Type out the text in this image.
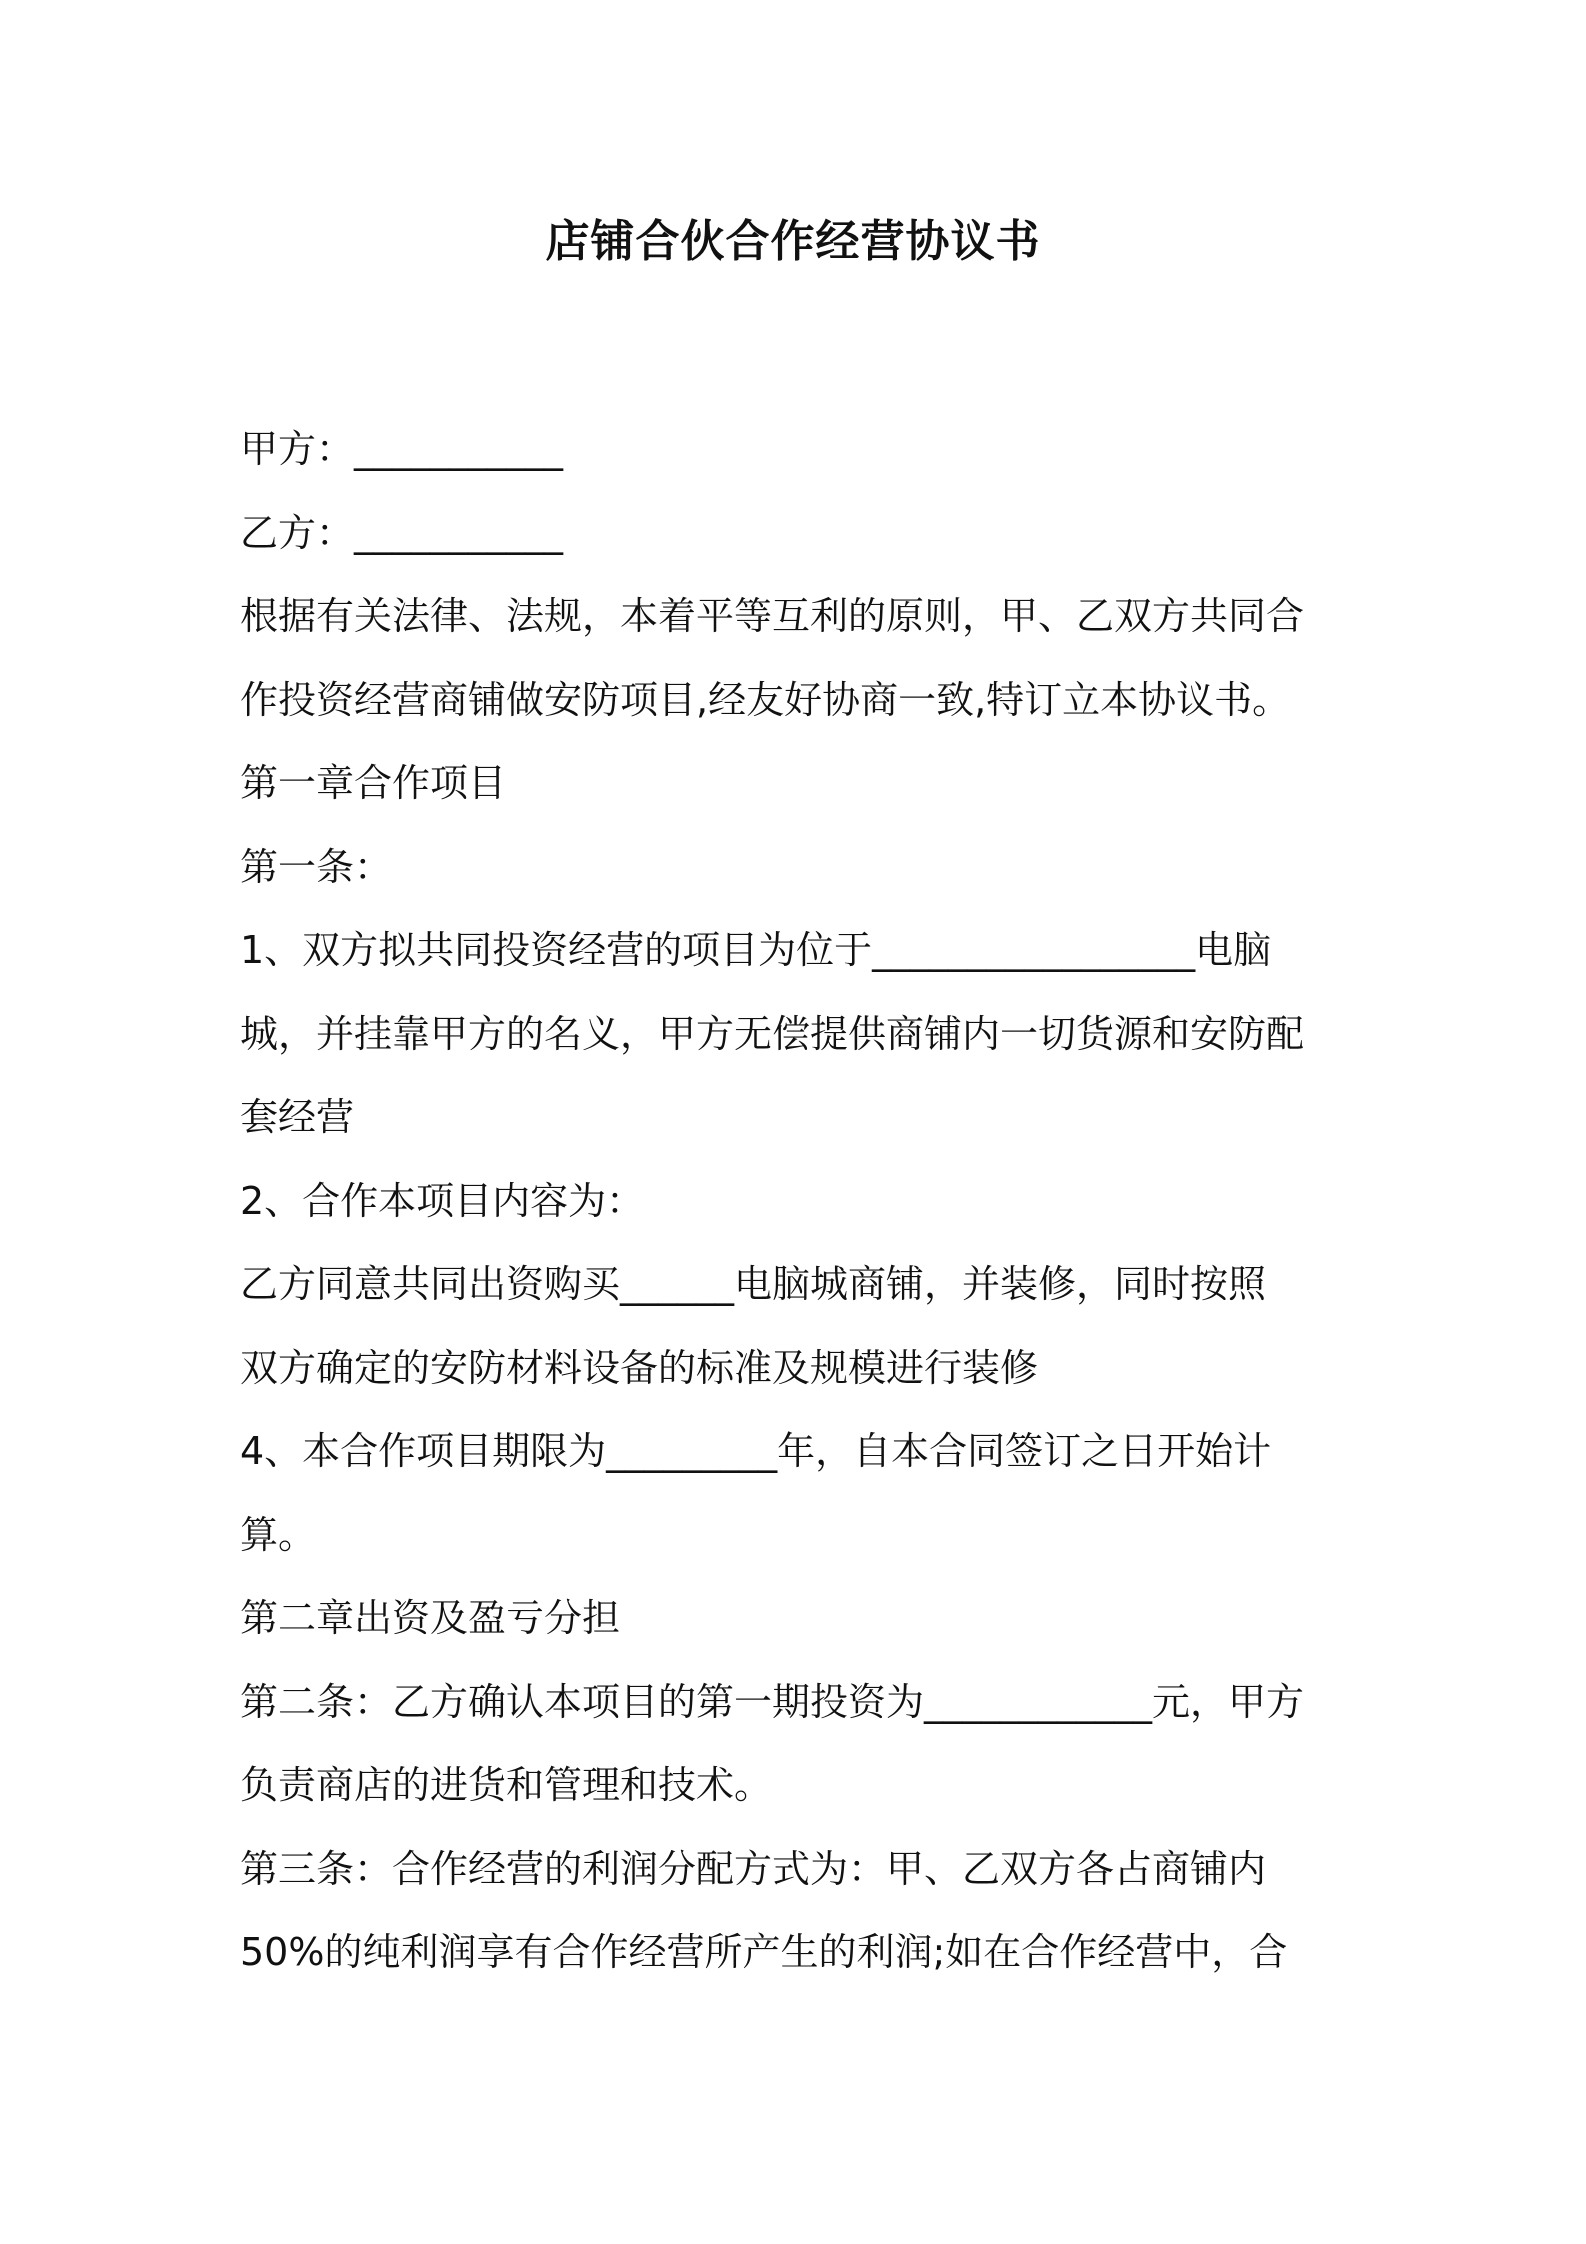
店铺合伙合作经营协议书
甲方：___________
乙方：___________
根据有关法律、法规，本着平等互利的原则，甲、乙双方共同合
作投资经营商铺做安防项目,经友好协商一致,特订立本协议书。
第一章合作项目
第一条：
1、双方拟共同投资经营的项目为位于_________________电脑
城，并挂靠甲方的名义，甲方无偿提供商铺内一切货源和安防配
套经营
2、合作本项目内容为：
乙方同意共同出资购买______电脑城商铺，并装修，同时按照
双方确定的安防材料设备的标准及规模进行装修
4、本合作项目期限为_________年，自本合同签订之日开始计
算。
第二章出资及盈亏分担
第二条：乙方确认本项目的第一期投资为____________元，甲方
负责商店的进货和管理和技术。
第三条：合作经营的利润分配方式为：甲、乙双方各占商铺内
50%的纯利润享有合作经营所产生的利润;如在合作经营中，合
